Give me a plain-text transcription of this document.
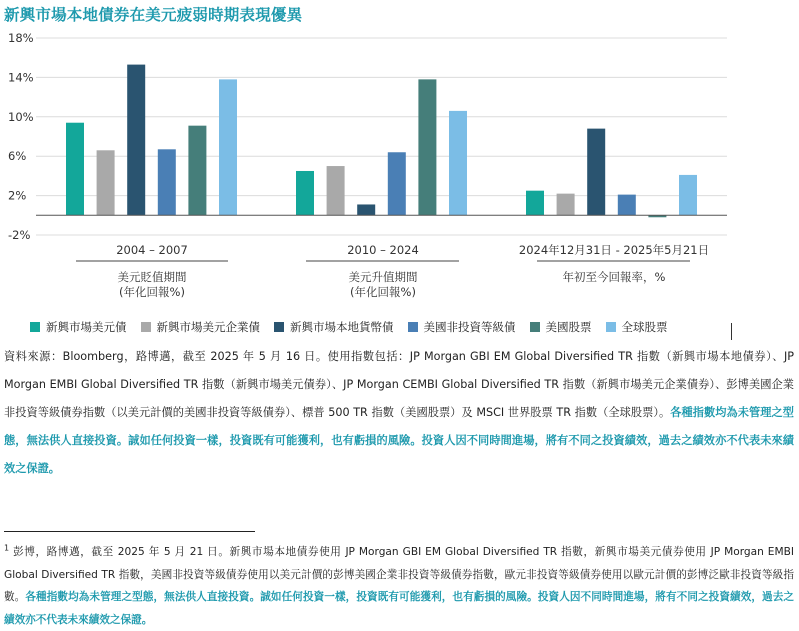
新興市場本地債券在美元疲弱時期表現優異
18%
14%
10%
6%
2%
-2%
2004 – 2007
美元貶值期間
(年化回報%)
2010 – 2024
美元升值期間
(年化回報%)
2024年12月31日 - 2025年5月21日
年初至今回報率，%
新興市場美元債	新興市場美元企業債	新興市場本地貨幣債	美國非投資等級債	美國股票	全球股票
資料來源：Bloomberg，路博邁，截至 2025 年 5 月 16 日。使用指數包括：JP Morgan GBI EM Global Diversified TR 指數（新興市場本地債券）、JP Morgan EMBI Global Diversified TR 指數（新興市場美元債券）、JP Morgan CEMBI Global Diversified TR 指數（新興市場美元企業債券）、彭博美國企業非投資等級債券指數（以美元計價的美國非投資等級債券）、標普 500 TR 指數（美國股票）及 MSCI 世界股票 TR 指數（全球股票）。各種指數均為未管理之型態，無法供人直接投資。誠如任何投資一樣，投資既有可能獲利，也有虧損的風險。投資人因不同時間進場，將有不同之投資績效，過去之績效亦不代表未來績效之保證。
$^1$ 彭博，路博邁，截至 2025 年 5 月 21 日。新興市場本地債券使用 JP Morgan GBI EM Global Diversified TR 指數，新興市場美元債券使用 JP Morgan EMBI Global Diversified TR 指數，美國非投資等級債券使用以美元計價的彭博美國企業非投資等級債券指數，歐元非投資等級債券使用以歐元計價的彭博泛歐非投資等級指數。各種指數均為未管理之型態，無法供人直接投資。誠如任何投資一樣，投資既有可能獲利，也有虧損的風險。投資人因不同時間進場，將有不同之投資績效，過去之績效亦不代表未來績效之保證。
